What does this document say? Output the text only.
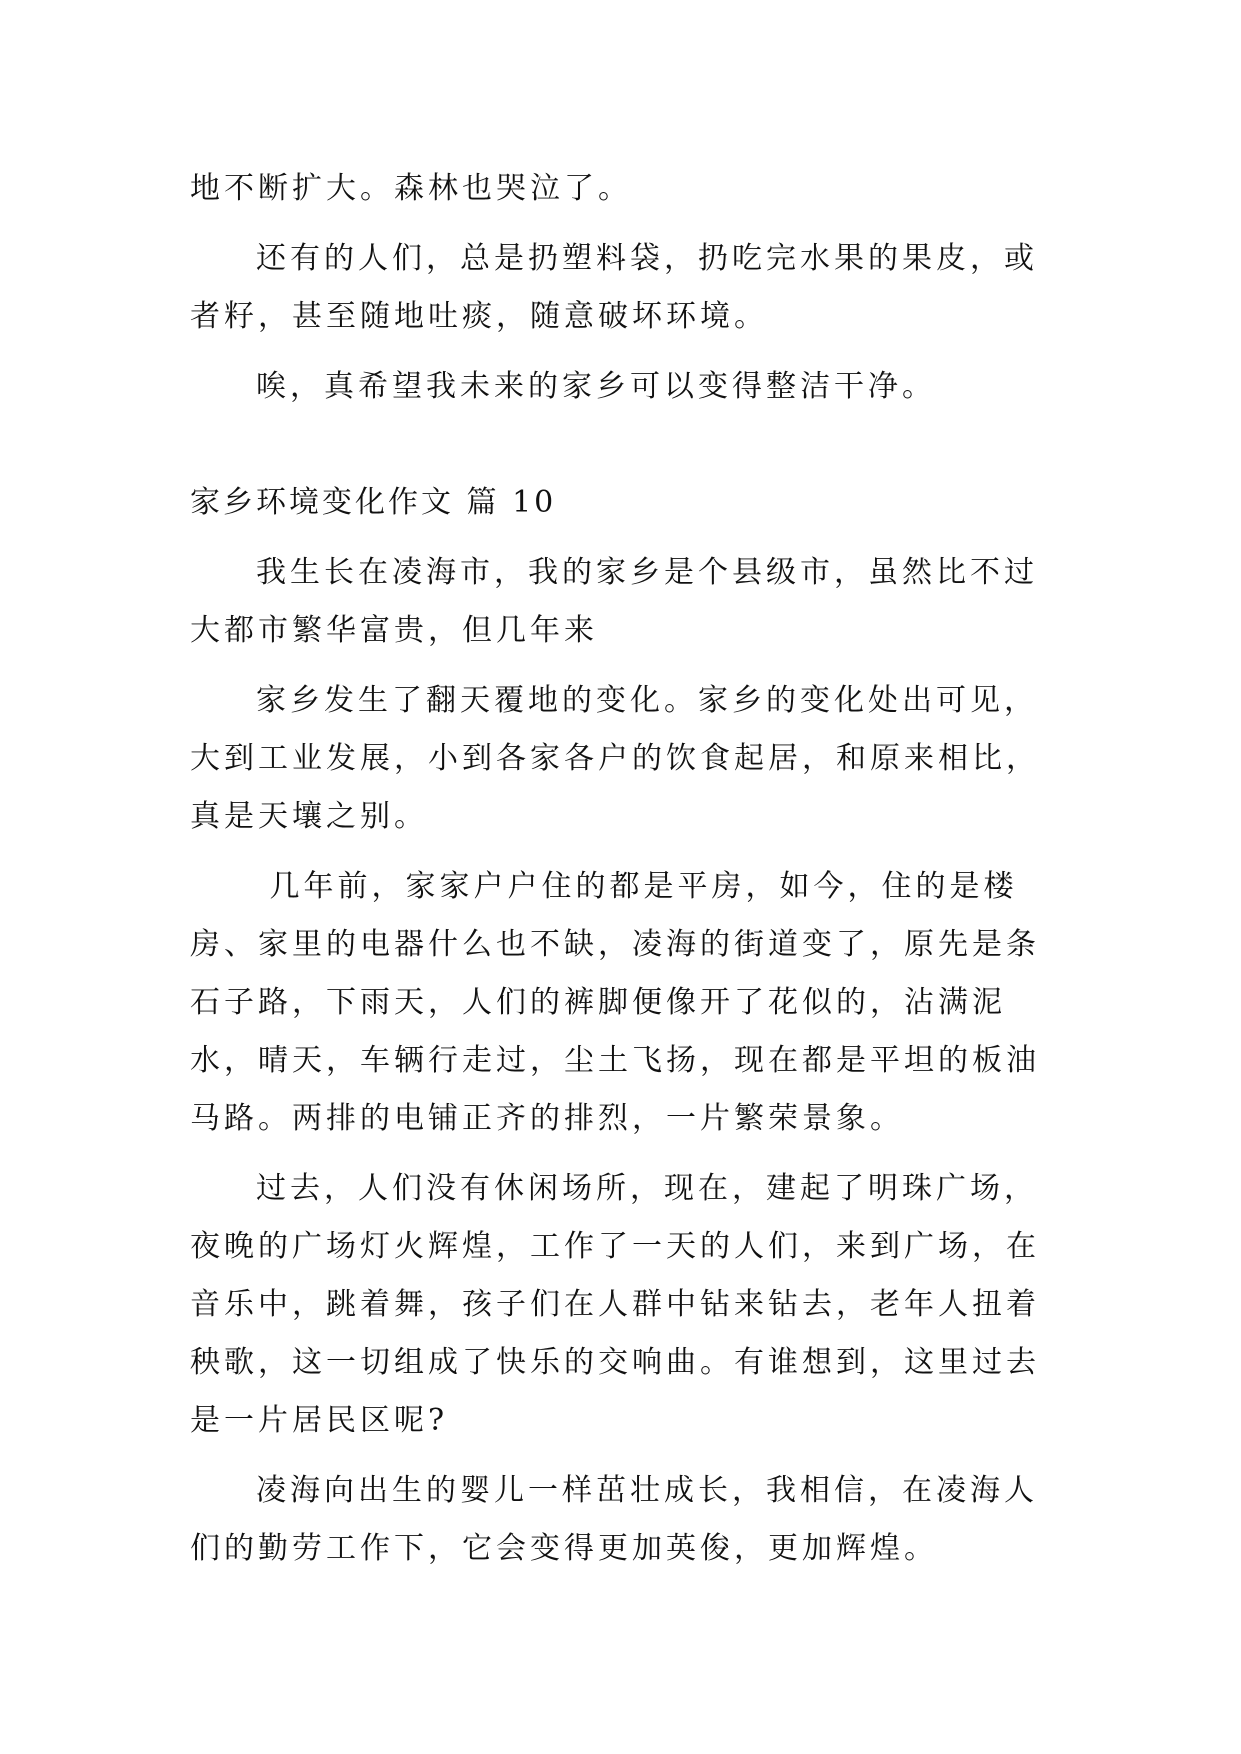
地不断扩大。森林也哭泣了。

还有的人们，总是扔塑料袋，扔吃完水果的果皮，或者籽，甚至随地吐痰，随意破坏环境。

唉，真希望我未来的家乡可以变得整洁干净。

家乡环境变化作文 篇 10

我生长在凌海市，我的家乡是个县级市，虽然比不过大都市繁华富贵，但几年来

家乡发生了翻天覆地的变化。家乡的变化处出可见，大到工业发展，小到各家各户的饮食起居，和原来相比，真是天壤之别。

几年前，家家户户住的都是平房，如今，住的是楼房、家里的电器什么也不缺，凌海的街道变了，原先是条石子路，下雨天，人们的裤脚便像开了花似的，沾满泥水，晴天，车辆行走过，尘土飞扬，现在都是平坦的板油马路。两排的电铺正齐的排烈，一片繁荣景象。

过去，人们没有休闲场所，现在，建起了明珠广场，夜晚的广场灯火辉煌，工作了一天的人们，来到广场，在音乐中，跳着舞，孩子们在人群中钻来钻去，老年人扭着秧歌，这一切组成了快乐的交响曲。有谁想到，这里过去是一片居民区呢?

凌海向出生的婴儿一样茁壮成长，我相信，在凌海人们的勤劳工作下，它会变得更加英俊，更加辉煌。
